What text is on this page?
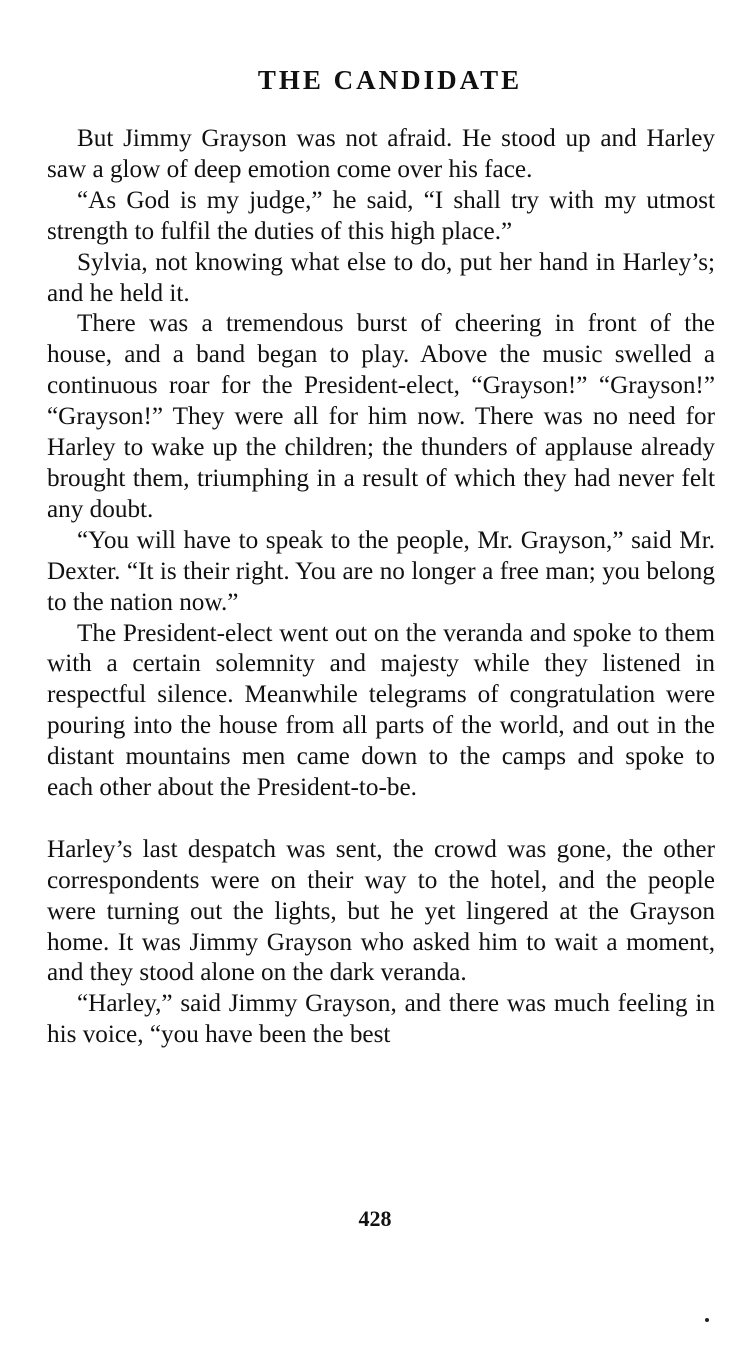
THE CANDIDATE

But Jimmy Grayson was not afraid. He stood up and Harley saw a glow of deep emotion come over his face.

“As God is my judge,” he said, “I shall try with my utmost strength to fulfil the duties of this high place.”

Sylvia, not knowing what else to do, put her hand in Harley’s; and he held it.

There was a tremendous burst of cheering in front of the house, and a band began to play. Above the music swelled a continuous roar for the President-elect, “Grayson!” “Grayson!” “Grayson!” They were all for him now. There was no need for Harley to wake up the children; the thunders of applause already brought them, triumphing in a result of which they had never felt any doubt.

“You will have to speak to the people, Mr. Grayson,” said Mr. Dexter. “It is their right. You are no longer a free man; you belong to the nation now.”

The President-elect went out on the veranda and spoke to them with a certain solemnity and majesty while they listened in respectful silence. Meanwhile telegrams of congratulation were pouring into the house from all parts of the world, and out in the distant mountains men came down to the camps and spoke to each other about the President-to-be.

Harley’s last despatch was sent, the crowd was gone, the other correspondents were on their way to the hotel, and the people were turning out the lights, but he yet lingered at the Grayson home. It was Jimmy Grayson who asked him to wait a moment, and they stood alone on the dark veranda.

“Harley,” said Jimmy Grayson, and there was much feeling in his voice, “you have been the best

428
